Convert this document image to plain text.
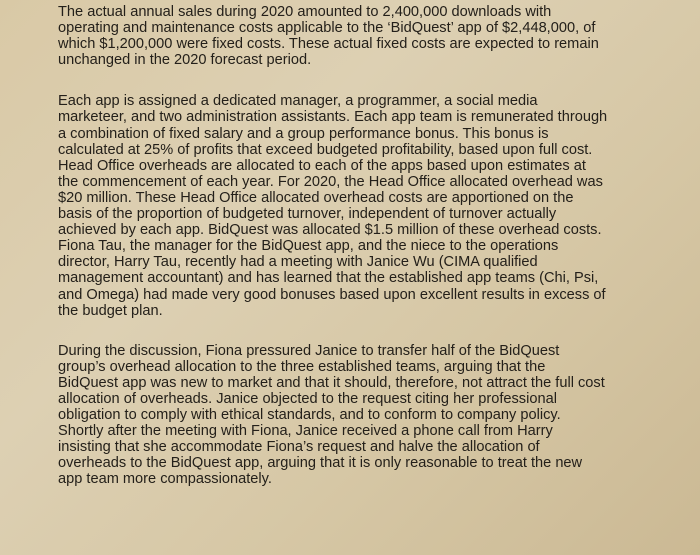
The actual annual sales during 2020 amounted to 2,400,000 downloads with
operating and maintenance costs applicable to the ‘BidQuest’ app of $2,448,000, of
which $1,200,000 were fixed costs. These actual fixed costs are expected to remain
unchanged in the 2020 forecast period.

Each app is assigned a dedicated manager, a programmer, a social media
marketeer, and two administration assistants. Each app team is remunerated through
a combination of fixed salary and a group performance bonus. This bonus is
calculated at 25% of profits that exceed budgeted profitability, based upon full cost.
Head Office overheads are allocated to each of the apps based upon estimates at
the commencement of each year. For 2020, the Head Office allocated overhead was
$20 million. These Head Office allocated overhead costs are apportioned on the
basis of the proportion of budgeted turnover, independent of turnover actually
achieved by each app. BidQuest was allocated $1.5 million of these overhead costs.
Fiona Tau, the manager for the BidQuest app, and the niece to the operations
director, Harry Tau, recently had a meeting with Janice Wu (CIMA qualified
management accountant) and has learned that the established app teams (Chi, Psi,
and Omega) had made very good bonuses based upon excellent results in excess of
the budget plan.

During the discussion, Fiona pressured Janice to transfer half of the BidQuest
group’s overhead allocation to the three established teams, arguing that the
BidQuest app was new to market and that it should, therefore, not attract the full cost
allocation of overheads. Janice objected to the request citing her professional
obligation to comply with ethical standards, and to conform to company policy.
Shortly after the meeting with Fiona, Janice received a phone call from Harry
insisting that she accommodate Fiona’s request and halve the allocation of
overheads to the BidQuest app, arguing that it is only reasonable to treat the new
app team more compassionately.
